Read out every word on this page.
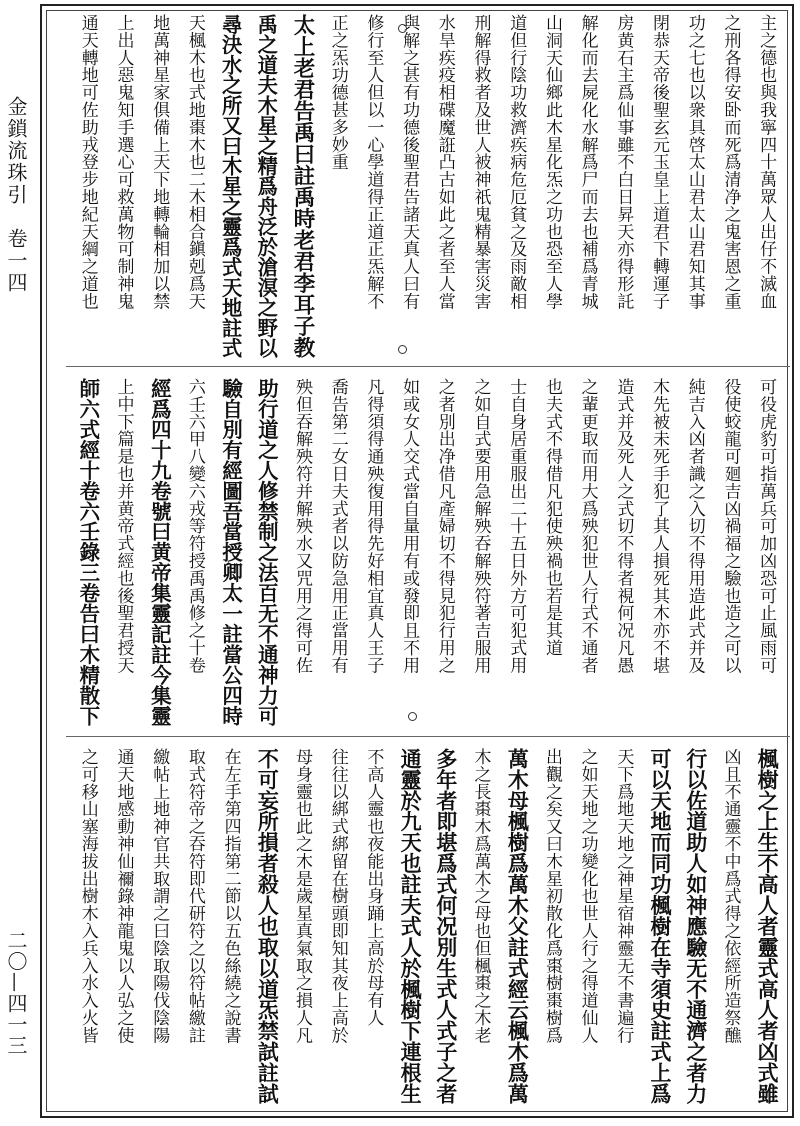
金鎖流珠引　卷一四
二〇—四一三
主之德也與我寧四十萬眾人出仔不滅血
之刑各得安卧而死爲清净之鬼害恩之重
功之七也以衆具啓太山君太山君知其事
閉恭天帝後聖玄元玉皇上道君下轉運子
房黄石主爲仙事雖不白日昇天亦得形託
解化而去屍化水解爲尸而去也補爲青城
山洞天仙鄉此木星化炁之功也恐至人學
道但行陰功救濟疾病危厄貧之及雨敵相
刑解得救者及世人被神祇鬼精暴害災害
水旱疾疫相碟魔誑凸古如此之者至人當
與解之甚有功德後聖君告諸天真人曰有
修行至人但以一心學道得正道正炁解不
正之炁功德甚多妙重
太上老君告禹曰註禹時老君李耳子教
禹之道夫木星之精爲舟泛於滄溟之野以
尋決水之所又曰木星之靈爲式天地註式
天楓木也式地棗木也二木相合鎭剋爲天
地萬神星家俱備上天下地轉輪相加以禁
上出人惡鬼知手選心可救萬物可制神鬼
通天轉地可佐助戎登步地紀天綱之道也
可役虎豹可指萬兵可加凶恐可止風雨可
役使蛟龍可廻吉凶禍福之驗也造之可以
純吉入凶者識之入切不得用造此式并及
木先被未死手犯了其人損死其木亦不堪
造式并及死人之式切不得者視何况凡愚
之輩更取而用大爲殃犯世人行式不通者
也夫式不得借凡犯使殃禍也若是其道
士自身居重服出二十五日外方可犯式用
之如自式要用急解殃吞解殃符著吉服用
之者別出净借凡產婦切不得見犯行用之
如或女人交式當自量用有或發即且不用
凡得須得通殃復用得先好相宜真人王子
喬告第二女日夫式者以防急用正當用有
殃但吞解殃符并解殃水又咒用之得可佐
助行道之人修禁制之法百无不通神力可
驗自別有經圖吾當授卿太一註當公四時
六壬六甲八變六戎等符授禹禹修之十卷
經爲四十九卷號曰黄帝集靈記註今集靈
上中下篇是也并黄帝式經也後聖君授天
師六式經十卷六壬錄三卷告曰木精散下
楓樹之上生不高人者靈式高人者凶式雖
凶且不通靈不中爲式得之依經所造祭醮
行以佐道助人如神應驗无不通濟之者力
可以天地而同功楓樹在寺須史註式上爲
天下爲地天地之神星宿神靈无不書遍行
之如天地之功變化也世人行之得道仙人
出觀之矣又曰木星初散化爲棗樹棗樹爲
萬木母楓樹爲萬木父註式經云楓木爲萬
木之長棗木爲萬木之母也但楓棗之木老
多年者即堪爲式何况別生式人式子之者
通靈於九天也註夫式人於楓樹下連根生
不高人靈也夜能出身踊上高於母有人
往往以綁式綁留在樹頭即知其夜上高於
母身靈也此之木是歲星真氣取之損人凡
不可妄所損者殺人也取以道炁禁試註試
在左手第四指第二節以五色絲繞之說書
取式符帝之吞符即代研符之以符帖繳註
繳帖上地神官共取謂之曰陰取陽伐陰陽
通天地感動神仙禰錄神龍鬼以人弘之使
之可移山塞海拔出樹木入兵入水入火皆
